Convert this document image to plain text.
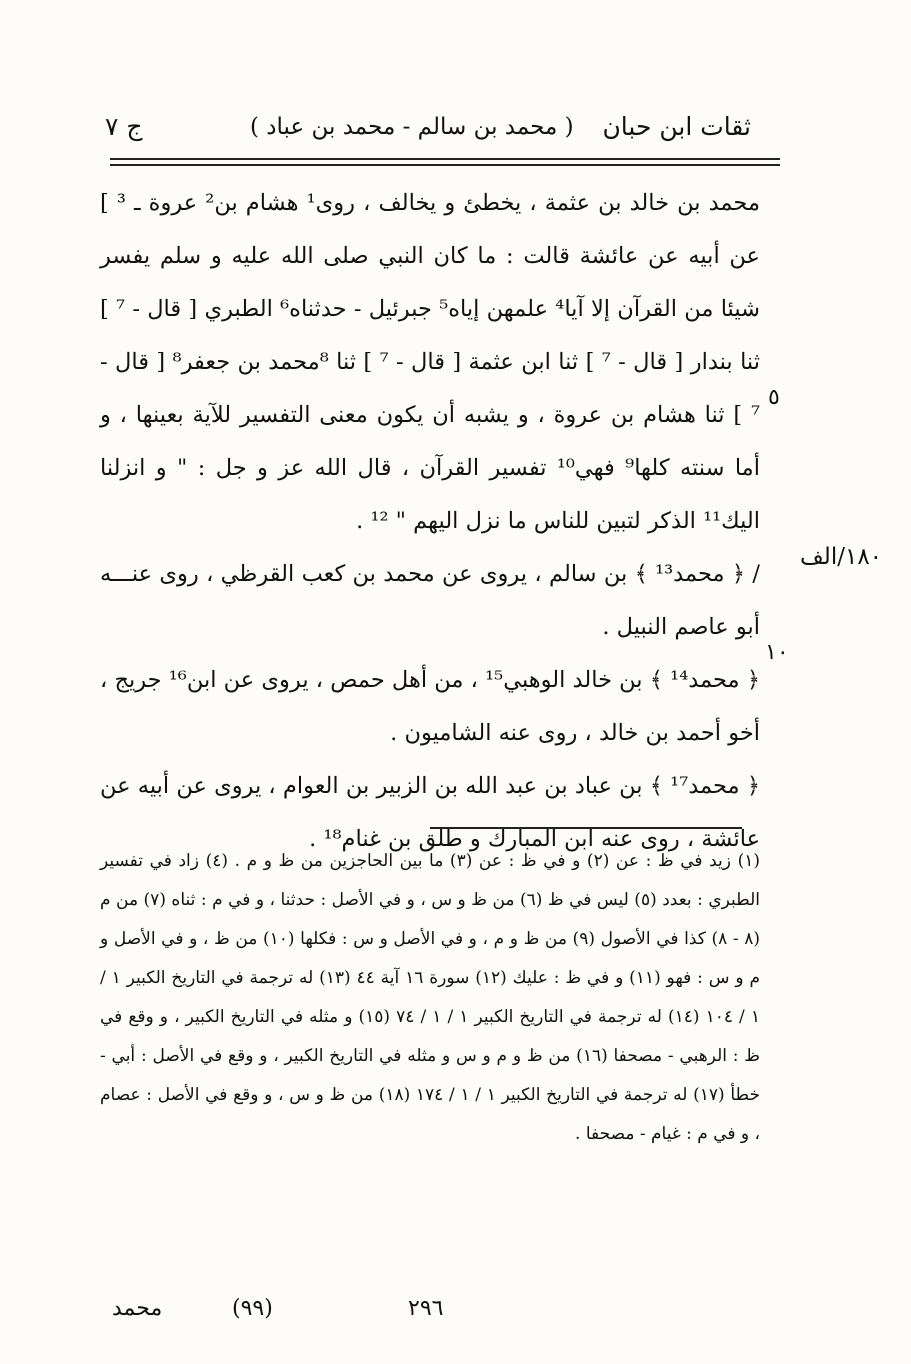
ثقات ابن حبان
( محمد بن سالم - محمد بن عباد )
ج ٧
٥
١٠
١٨٠/الف

محمد بن خالد بن عثمة ، يخطئ و يخالف ، روى¹ هشام بن² عروة ـ ³ ] عن أبيه عن عائشة قالت : ما كان النبي صلى الله عليه و سلم يفسر شيئا من القرآن إلا آيا⁴ علمهن إياه⁵ جبرئيل - حدثناه⁶ الطبري [ قال - ⁷ ] ثنا بندار [ قال - ⁷ ] ثنا ابن عثمة [ قال - ⁷ ] ثنا ⁸محمد بن جعفر⁸ [ قال - ⁷ ] ثنا هشام بن عروة ، و يشبه أن يكون معنى التفسير للآية بعينها ، و أما سنته كلها⁹ فهي¹⁰ تفسير القرآن ، قال الله عز و جل : " و انزلنا اليك¹¹ الذكر لتبين للناس ما نزل اليهم " ¹² .

/ ﴿ محمد¹³ ﴾ بن سالم ، يروى عن محمد بن كعب القرظي ، روى عنـــه أبو عاصم النبيل .

﴿ محمد¹⁴ ﴾ بن خالد الوهبي¹⁵ ، من أهل حمص ، يروى عن ابن¹⁶ جريج ، أخو أحمد بن خالد ، روى عنه الشاميون .

﴿ محمد¹⁷ ﴾ بن عباد بن عبد الله بن الزبير بن العوام ، يروى عن أبيه عن عائشة ، روى عنه ابن المبارك و طلق بن غنام¹⁸ .

(١) زيد في ظ : عن (٢) و في ظ : عن (٣) ما بين الحاجزين من ظ و م . (٤) زاد في تفسير الطبري : بعدد (٥) ليس في ظ (٦) من ظ و س ، و في الأصل : حدثنا ، و في م : ثناه (٧) من م (٨ - ٨) كذا في الأصول (٩) من ظ و م ، و في الأصل و س : فكلها (١٠) من ظ ، و في الأصل و م و س : فهو (١١) و في ظ : عليك (١٢) سورة ١٦ آية ٤٤ (١٣) له ترجمة في التاريخ الكبير ١ / ١ / ١٠٤ (١٤) له ترجمة في التاريخ الكبير ١ / ١ / ٧٤ (١٥) و مثله في التاريخ الكبير ، و وقع في ظ : الرهبي - مصحفا (١٦) من ظ و م و س و مثله في التاريخ الكبير ، و وقع في الأصل : أبي - خطأ (١٧) له ترجمة في التاريخ الكبير ١ / ١ / ١٧٤ (١٨) من ظ و س ، و وقع في الأصل : عصام ، و في م : غيام - مصحفا .

٢٩٦
(٩٩)
محمد
